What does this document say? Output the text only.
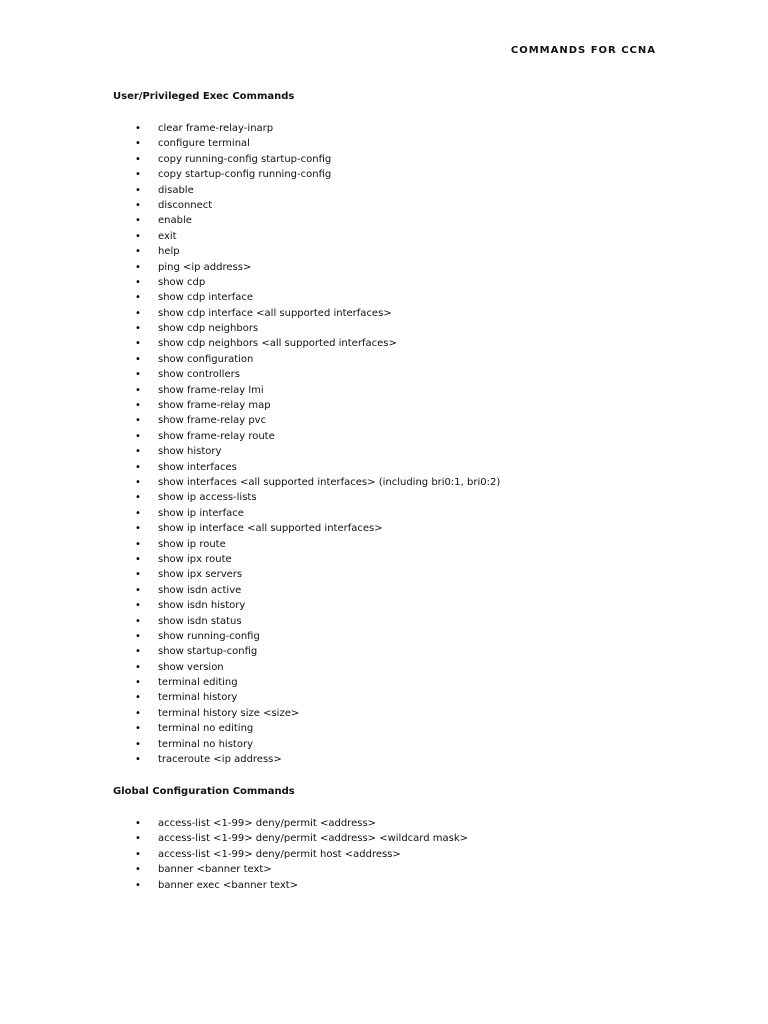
COMMANDS FOR CCNA
User/Privileged Exec Commands
• clear frame-relay-inarp
• configure terminal
• copy running-config startup-config
• copy startup-config running-config
• disable
• disconnect
• enable
• exit
• help
• ping <ip address>
• show cdp
• show cdp interface
• show cdp interface <all supported interfaces>
• show cdp neighbors
• show cdp neighbors <all supported interfaces>
• show configuration
• show controllers
• show frame-relay lmi
• show frame-relay map
• show frame-relay pvc
• show frame-relay route
• show history
• show interfaces
• show interfaces <all supported interfaces> (including bri0:1, bri0:2)
• show ip access-lists
• show ip interface
• show ip interface <all supported interfaces>
• show ip route
• show ipx route
• show ipx servers
• show isdn active
• show isdn history
• show isdn status
• show running-config
• show startup-config
• show version
• terminal editing
• terminal history
• terminal history size <size>
• terminal no editing
• terminal no history
• traceroute <ip address>
Global Configuration Commands
• access-list <1-99> deny/permit <address>
• access-list <1-99> deny/permit <address> <wildcard mask>
• access-list <1-99> deny/permit host <address>
• banner <banner text>
• banner exec <banner text>
